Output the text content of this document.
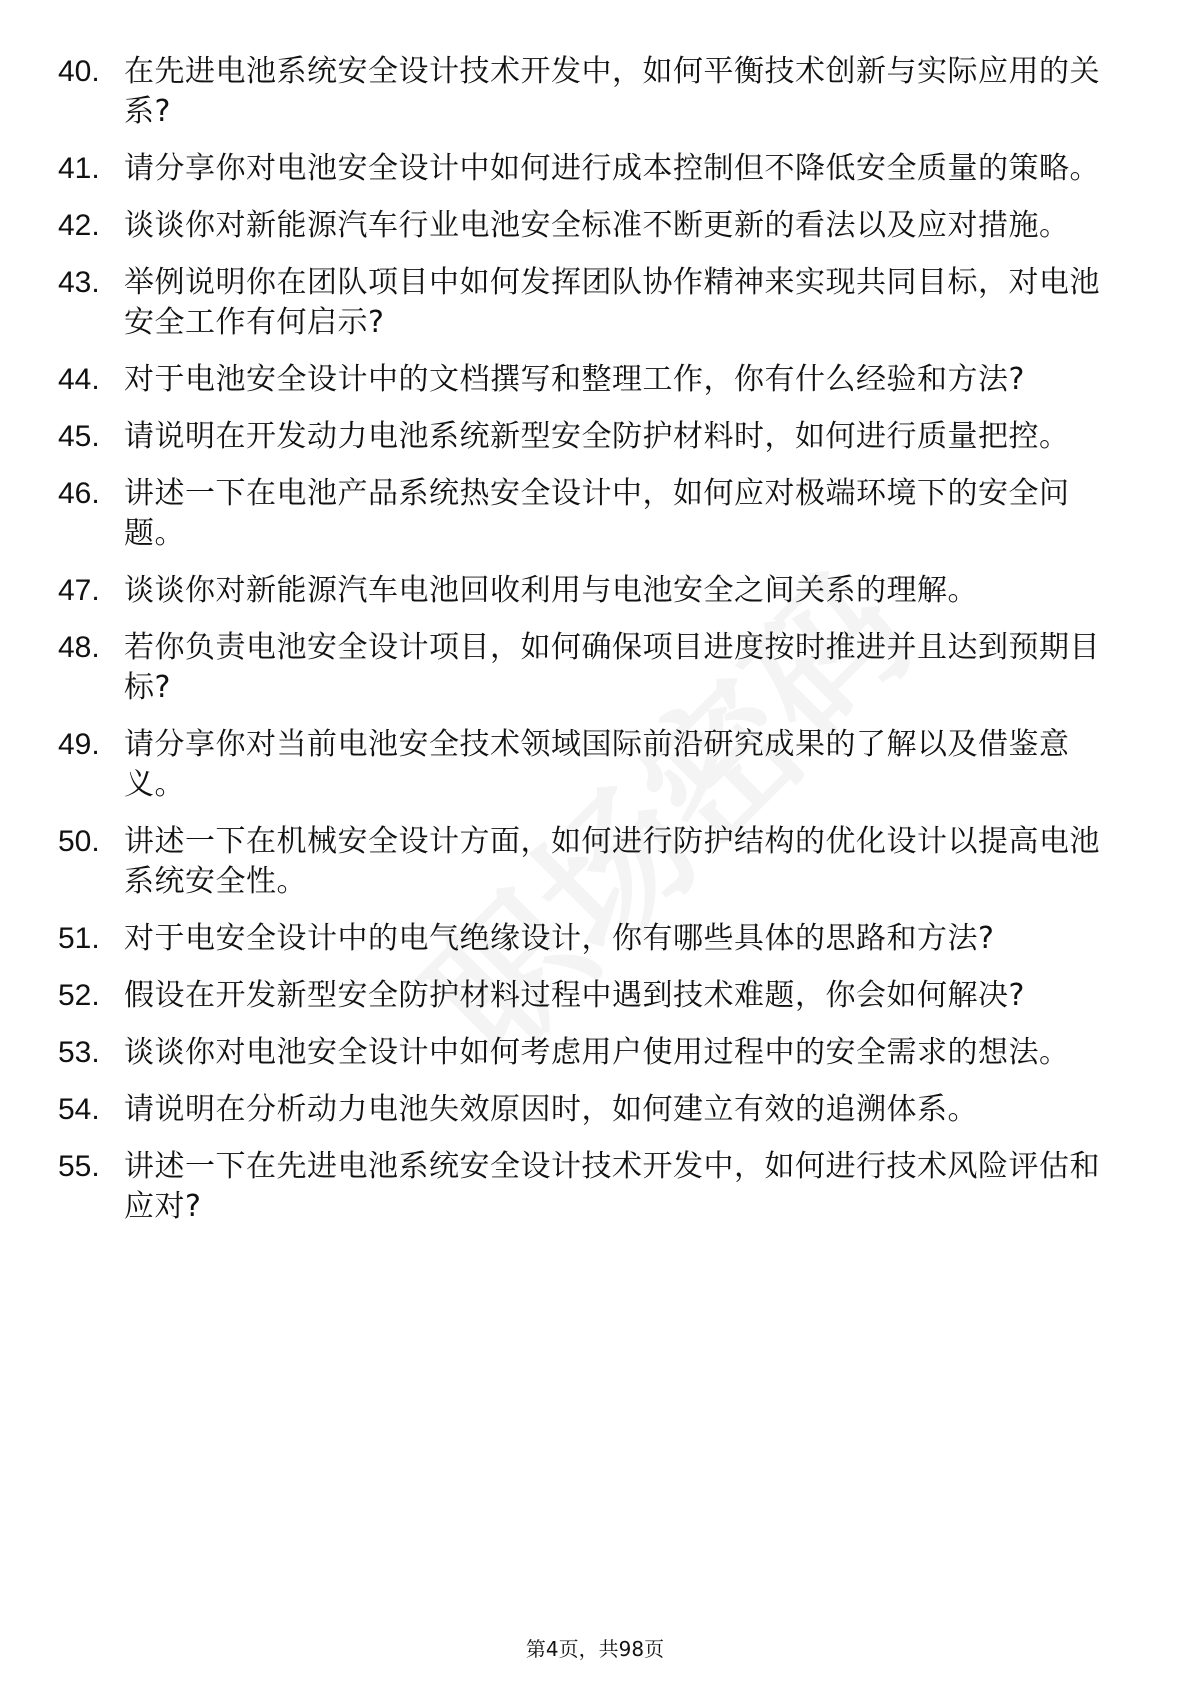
40. 在先进电池系统安全设计技术开发中，如何平衡技术创新与实际应用的关系?
41. 请分享你对电池安全设计中如何进行成本控制但不降低安全质量的策略。
42. 谈谈你对新能源汽车行业电池安全标准不断更新的看法以及应对措施。
43. 举例说明你在团队项目中如何发挥团队协作精神来实现共同目标，对电池安全工作有何启示?
44. 对于电池安全设计中的文档撰写和整理工作，你有什么经验和方法?
45. 请说明在开发动力电池系统新型安全防护材料时，如何进行质量把控。
46. 讲述一下在电池产品系统热安全设计中，如何应对极端环境下的安全问题。
47. 谈谈你对新能源汽车电池回收利用与电池安全之间关系的理解。
48. 若你负责电池安全设计项目，如何确保项目进度按时推进并且达到预期目标?
49. 请分享你对当前电池安全技术领域国际前沿研究成果的了解以及借鉴意义。
50. 讲述一下在机械安全设计方面，如何进行防护结构的优化设计以提高电池系统安全性。
51. 对于电安全设计中的电气绝缘设计，你有哪些具体的思路和方法?
52. 假设在开发新型安全防护材料过程中遇到技术难题，你会如何解决?
53. 谈谈你对电池安全设计中如何考虑用户使用过程中的安全需求的想法。
54. 请说明在分析动力电池失效原因时，如何建立有效的追溯体系。
55. 讲述一下在先进电池系统安全设计技术开发中，如何进行技术风险评估和应对?
第4页，共98页
